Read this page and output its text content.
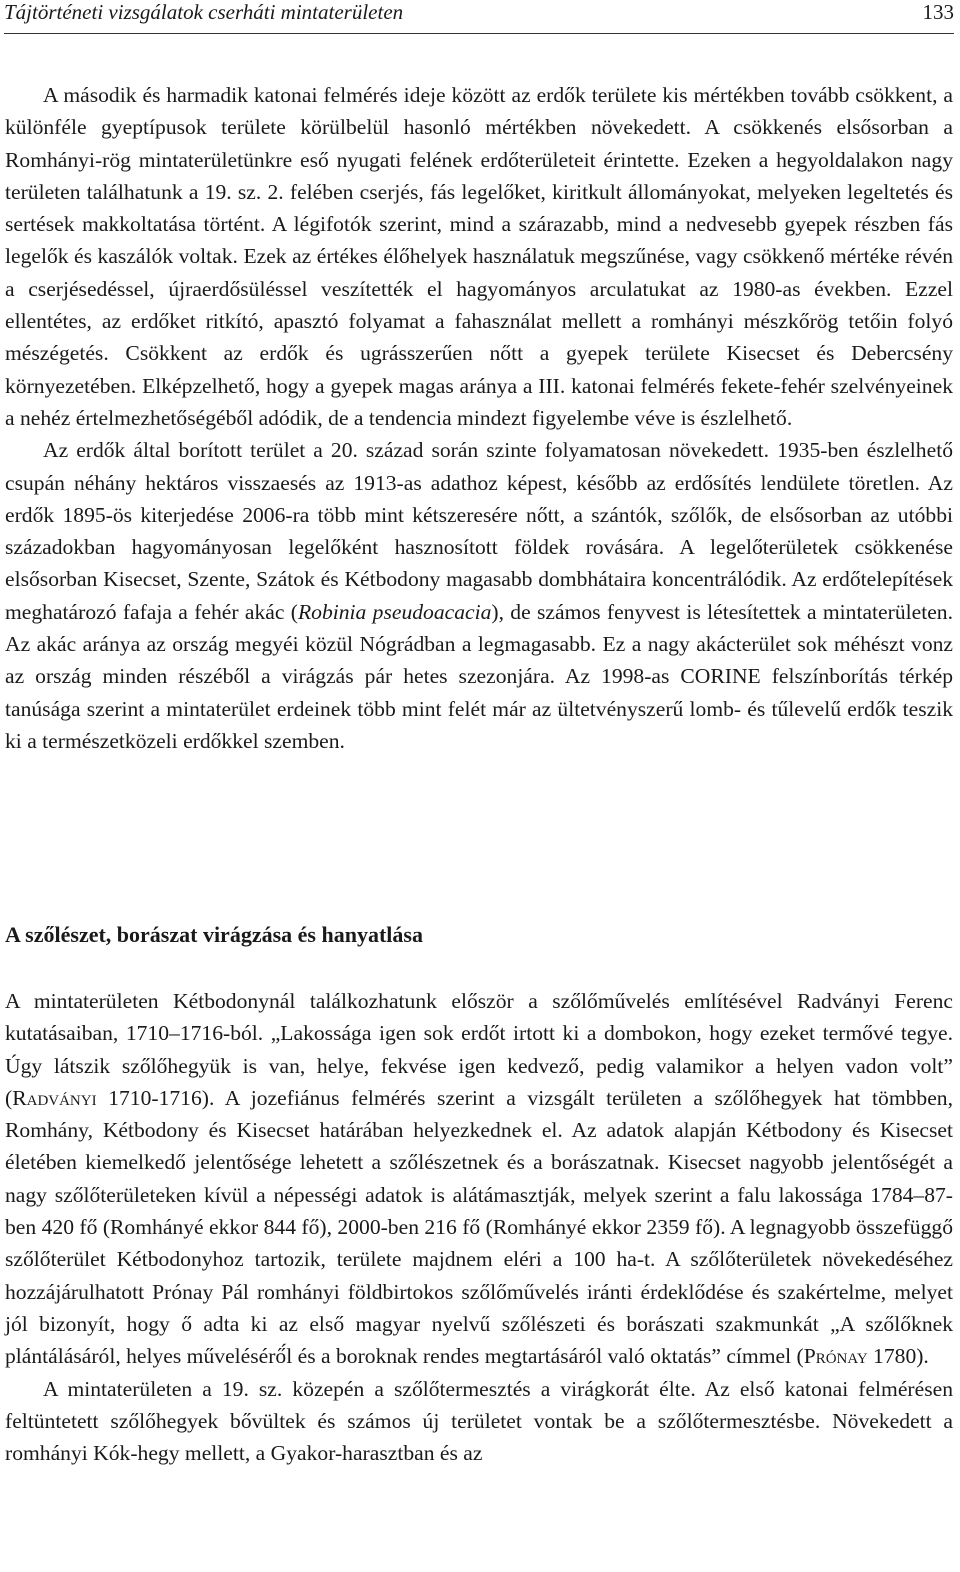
Tájtörténeti vizsgálatok cserháti mintaterületen	133

A második és harmadik katonai felmérés ideje között az erdők területe kis mértékben tovább csökkent, a különféle gyeptípusok területe körülbelül hasonló mértékben növekedett. A csökkenés elsősorban a Romhányi-rög mintaterületünkre eső nyugati felének erdőterületeit érintette. Ezeken a hegyoldalakon nagy területen találhatunk a 19. sz. 2. felében cserjés, fás legelőket, kiritkult állományokat, melyeken legeltetés és sertések makkoltatása történt. A légifotók szerint, mind a szárazabb, mind a nedvesebb gyepek részben fás legelők és kaszálók voltak. Ezek az értékes élőhelyek használatuk megszűnése, vagy csökkenő mértéke révén a cserjésedéssel, újraerdősüléssel veszítették el hagyományos arculatukat az 1980-as években. Ezzel ellentétes, az erdőket ritkító, apasztó folyamat a fahasználat mellett a romhányi mészkőrög tetőin folyó mészégetés. Csökkent az erdők és ugrásszerűen nőtt a gyepek területe Kisecset és Debercsény környezetében. Elképzelhető, hogy a gyepek magas aránya a III. katonai felmérés fekete-fehér szelvényeinek a nehéz értelmezhetőségéből adódik, de a tendencia mindezt figyelembe véve is észlelhető.

Az erdők által borított terület a 20. század során szinte folyamatosan növekedett. 1935-ben észlelhető csupán néhány hektáros visszaesés az 1913-as adathoz képest, később az erdősítés lendülete töretlen. Az erdők 1895-ös kiterjedése 2006-ra több mint kétszeresére nőtt, a szántók, szőlők, de elsősorban az utóbbi századokban hagyományosan legelőként hasznosított földek rovására. A legelőterületek csökkenése elsősorban Kisecset, Szente, Szátok és Kétbodony magasabb dombhátaira koncentrálódik. Az erdőtelepítések meghatározó fafaja a fehér akác (Robinia pseudoacacia), de számos fenyvest is létesítettek a mintaterületen. Az akác aránya az ország megyéi közül Nógrádban a legmagasabb. Ez a nagy akácterület sok méhészt vonz az ország minden részéből a virágzás pár hetes szezonjára. Az 1998-as CORINE felszínborítás térkép tanúsága szerint a mintaterület erdeinek több mint felét már az ültetvényszerű lomb- és tűlevelű erdők teszik ki a természetközeli erdőkkel szemben.

A szőlészet, borászat virágzása és hanyatlása

A mintaterületen Kétbodonynál találkozhatunk először a szőlőművelés említésével Radványi Ferenc kutatásaiban, 1710–1716-ból. „Lakossága igen sok erdőt irtott ki a dombokon, hogy ezeket termővé tegye. Úgy látszik szőlőhegyük is van, helye, fekvése igen kedvező, pedig valamikor a helyen vadon volt” (Radványi 1710-1716). A jozefiánus felmérés szerint a vizsgált területen a szőlőhegyek hat tömbben, Romhány, Kétbodony és Kisecset határában helyezkednek el. Az adatok alapján Kétbodony és Kisecset életében kiemelkedő jelentősége lehetett a szőlészetnek és a borászatnak. Kisecset nagyobb jelentőségét a nagy szőlőterületeken kívül a népességi adatok is alátámasztják, melyek szerint a falu lakossága 1784–87-ben 420 fő (Romhányé ekkor 844 fő), 2000-ben 216 fő (Romhányé ekkor 2359 fő). A legnagyobb összefüggő szőlőterület Kétbodonyhoz tartozik, területe majdnem eléri a 100 ha-t. A szőlőterületek növekedéséhez hozzájárulhatott Prónay Pál romhányi földbirtokos szőlőművelés iránti érdeklődése és szakértelme, melyet jól bizonyít, hogy ő adta ki az első magyar nyelvű szőlészeti és borászati szakmunkát „A szőlőknek plántálásáról, helyes művelésérő́l és a boroknak rendes megtartásáról való oktatás” címmel (Prónay 1780).

A mintaterületen a 19. sz. közepén a szőlőtermesztés a virágkorát élte. Az első katonai felmérésen feltüntetett szőlőhegyek bővültek és számos új területet vontak be a szőlőtermesztésbe. Növekedett a romhányi Kók-hegy mellett, a Gyakor-harasztban és az
